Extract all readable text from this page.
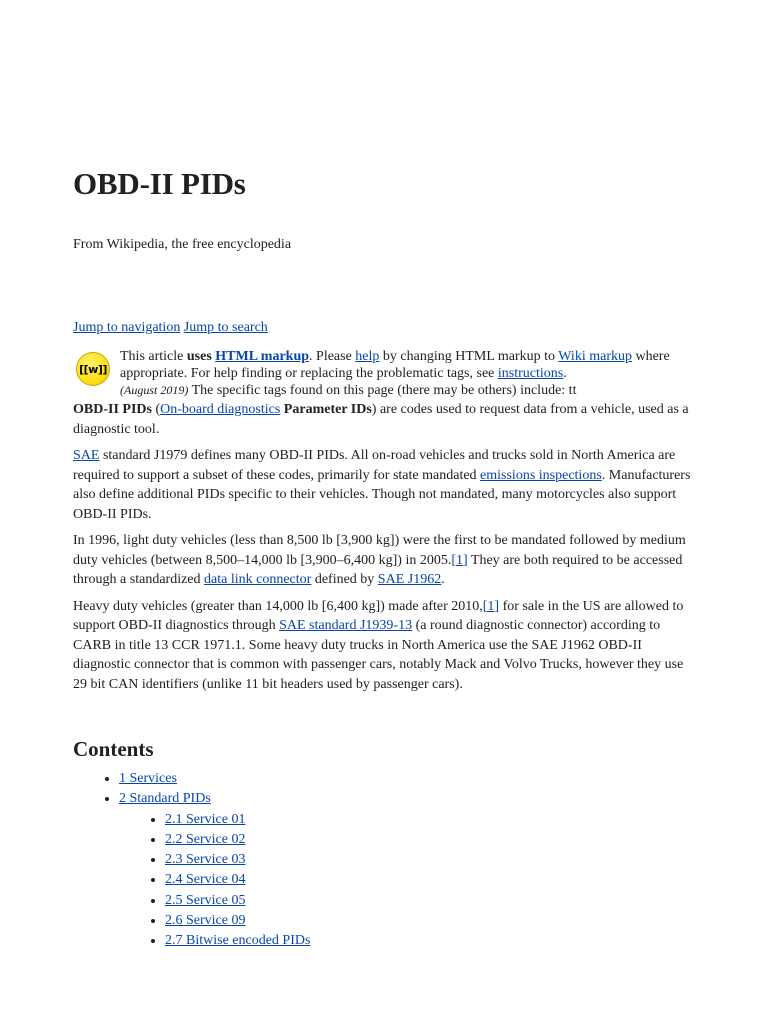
OBD-II PIDs
From Wikipedia, the free encyclopedia
Jump to navigation Jump to search
[[w]]
This article uses HTML markup. Please help by changing HTML markup to Wiki markup where appropriate. For help finding or replacing the problematic tags, see instructions.
(August 2019) The specific tags found on this page (there may be others) include: tt

OBD-II PIDs (On-board diagnostics Parameter IDs) are codes used to request data from a vehicle, used as a diagnostic tool.

SAE standard J1979 defines many OBD-II PIDs. All on-road vehicles and trucks sold in North America are required to support a subset of these codes, primarily for state mandated emissions inspections. Manufacturers also define additional PIDs specific to their vehicles. Though not mandated, many motorcycles also support OBD-II PIDs.

In 1996, light duty vehicles (less than 8,500 lb [3,900 kg]) were the first to be mandated followed by medium duty vehicles (between 8,500–14,000 lb [3,900–6,400 kg]) in 2005.[1] They are both required to be accessed through a standardized data link connector defined by SAE J1962.

Heavy duty vehicles (greater than 14,000 lb [6,400 kg]) made after 2010,[1] for sale in the US are allowed to support OBD-II diagnostics through SAE standard J1939-13 (a round diagnostic connector) according to CARB in title 13 CCR 1971.1. Some heavy duty trucks in North America use the SAE J1962 OBD-II diagnostic connector that is common with passenger cars, notably Mack and Volvo Trucks, however they use 29 bit CAN identifiers (unlike 11 bit headers used by passenger cars).

Contents
• 1 Services
• 2 Standard PIDs
• 2.1 Service 01
• 2.2 Service 02
• 2.3 Service 03
• 2.4 Service 04
• 2.5 Service 05
• 2.6 Service 09
• 2.7 Bitwise encoded PIDs
